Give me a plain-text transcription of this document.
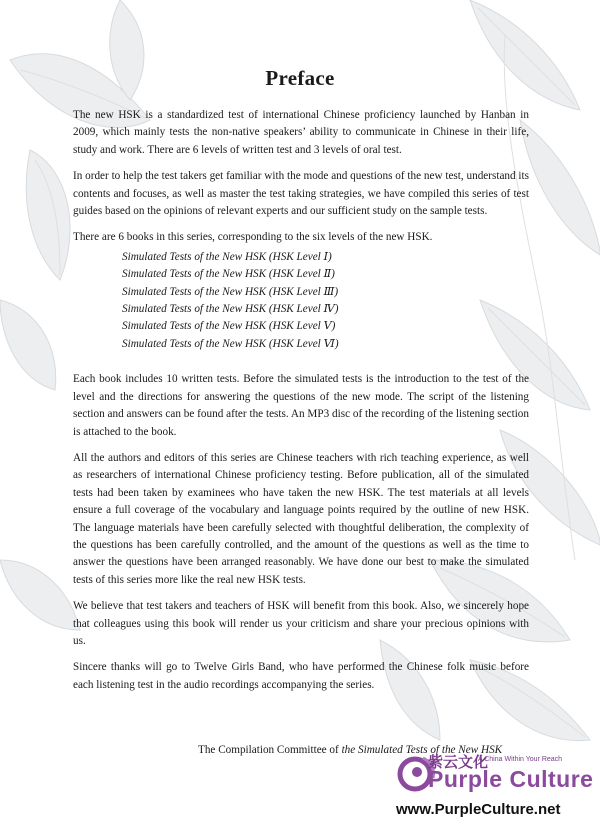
Preface

The new HSK is a standardized test of international Chinese proficiency launched by Hanban in 2009, which mainly tests the non-native speakers’ ability to communicate in Chinese in their life, study and work. There are 6 levels of written test and 3 levels of oral test.

In order to help the test takers get familiar with the mode and questions of the new test, understand its contents and focuses, as well as master the test taking strategies, we have compiled this series of test guides based on the opinions of relevant experts and our sufficient study on the sample tests.

There are 6 books in this series, corresponding to the six levels of the new HSK.

Simulated Tests of the New HSK (HSK Level Ⅰ)
Simulated Tests of the New HSK (HSK Level Ⅱ)
Simulated Tests of the New HSK (HSK Level Ⅲ)
Simulated Tests of the New HSK (HSK Level Ⅳ)
Simulated Tests of the New HSK (HSK Level Ⅴ)
Simulated Tests of the New HSK (HSK Level Ⅵ)

Each book includes 10 written tests. Before the simulated tests is the introduction to the test of the level and the directions for answering the questions of the new mode. The script of the listening section and answers can be found after the tests. An MP3 disc of the recording of the listening section is attached to the book.

All the authors and editors of this series are Chinese teachers with rich teaching experience, as well as researchers of international Chinese proficiency testing. Before publication, all of the simulated tests had been taken by examinees who have taken the new HSK. The test materials at all levels ensure a full coverage of the vocabulary and language points required by the outline of new HSK. The language materials have been carefully selected with thoughtful deliberation, the complexity of the questions has been carefully controlled, and the amount of the questions as well as the time to answer the questions have been arranged reasonably. We have done our best to make the simulated tests of this series more like the real new HSK tests.

We believe that test takers and teachers of HSK will benefit from this book. Also, we sincerely hope that colleagues using this book will render us your criticism and share your precious opinions with us.

Sincere thanks will go to Twelve Girls Band, who have performed the Chinese folk music before each listening test in the audio recordings accompanying the series.

The Compilation Committee of the Simulated Tests of the New HSK
紫云文化
A China Within Your Reach
Purple Culture
www.PurpleCulture.net
